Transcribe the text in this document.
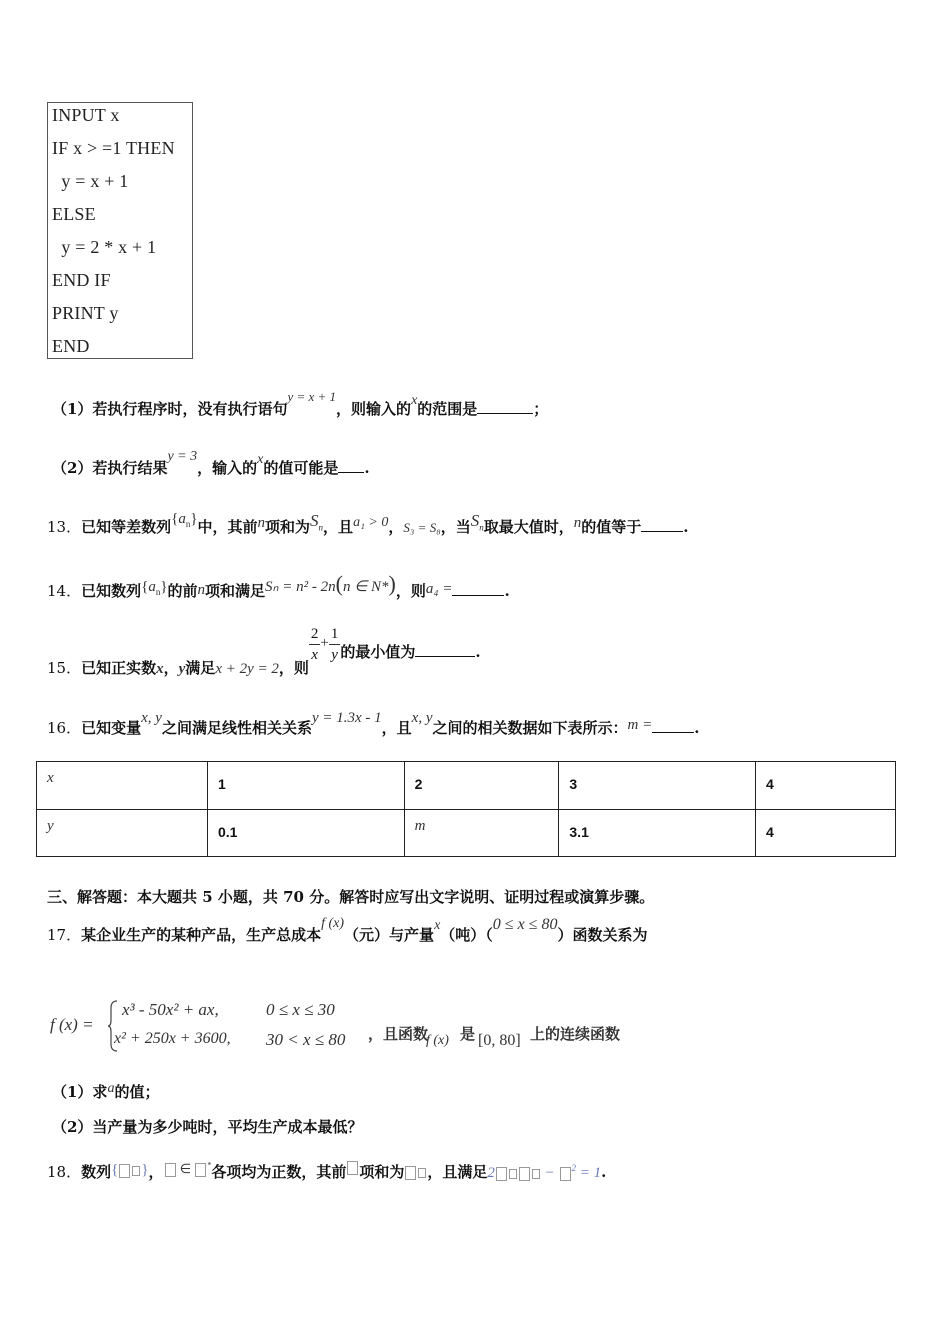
INPUT x
IF x > =1 THEN
y = x + 1
ELSE
y = 2 * x + 1
END IF
PRINT y
END
（1）若执行程序时，没有执行语句y = x + 1，则输入的x的范围是	；
（2）若执行结果y = 3，输入的x的值可能是 .
13．已知等差数列$\{a_n\}$中，其前n项和为$S_n$，且a₁ > 0，S₃ = S₈，当$S_n$取最大值时，n的值等于	.
14．已知数列$\{a_n\}$的前n项和满足Sₙ = n² - 2n(n ∈ N*)，则a₄ =	.
15．已知正实数x，y满足x + 2y = 2，则
$\frac{2}{x} + \frac{1}{y}$ 的最小值为	.
16．已知变量x, y之间满足线性相关关系y = 1.3x - 1，且x, y之间的相关数据如下表所示：m =	.
x	1	2	3	4
y	0.1	m	3.1	4
三、解答题：本大题共 5 小题，共 70 分。解答时应写出文字说明、证明过程或演算步骤。
17．某企业生产的某种产品，生产总成本f (x)（元）与产量x（吨）（0 ≤ x ≤ 80）函数关系为
f (x) =
x³ - 50x² + ax,	0 ≤ x ≤ 30
x² + 250x + 3600, 30 < x ≤ 80 ，且函数
f (x) 是 [0, 80] 上的连续函数
（1）求a的值；
（2）当产量为多少吨时，平均生产成本最低？
18．数列{ }， ∈ *各项均为正数，其前 项和为 ，且满足2	− $^2$ = 1.
